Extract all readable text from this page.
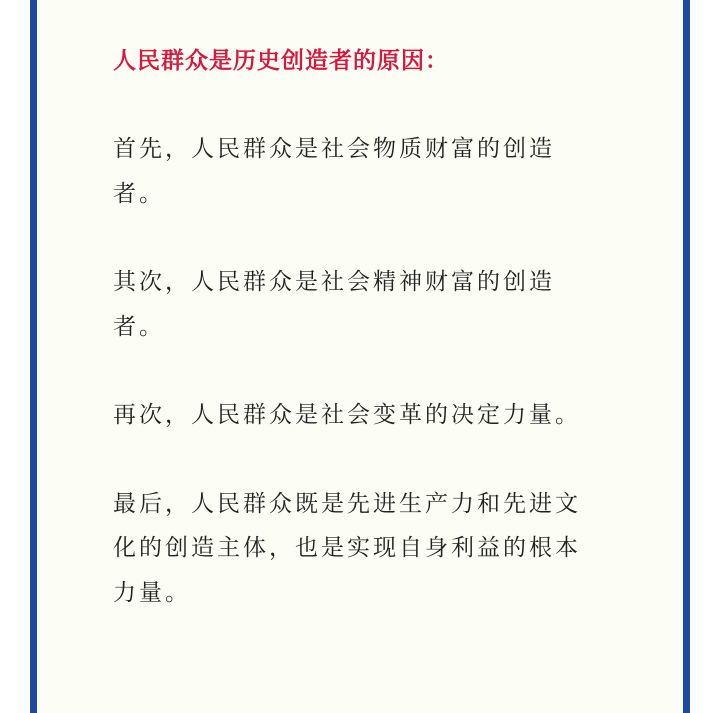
人民群众是历史创造者的原因：

首先，人民群众是社会物质财富的创造者。

其次，人民群众是社会精神财富的创造者。

再次，人民群众是社会变革的决定力量。

最后，人民群众既是先进生产力和先进文化的创造主体，也是实现自身利益的根本力量。
